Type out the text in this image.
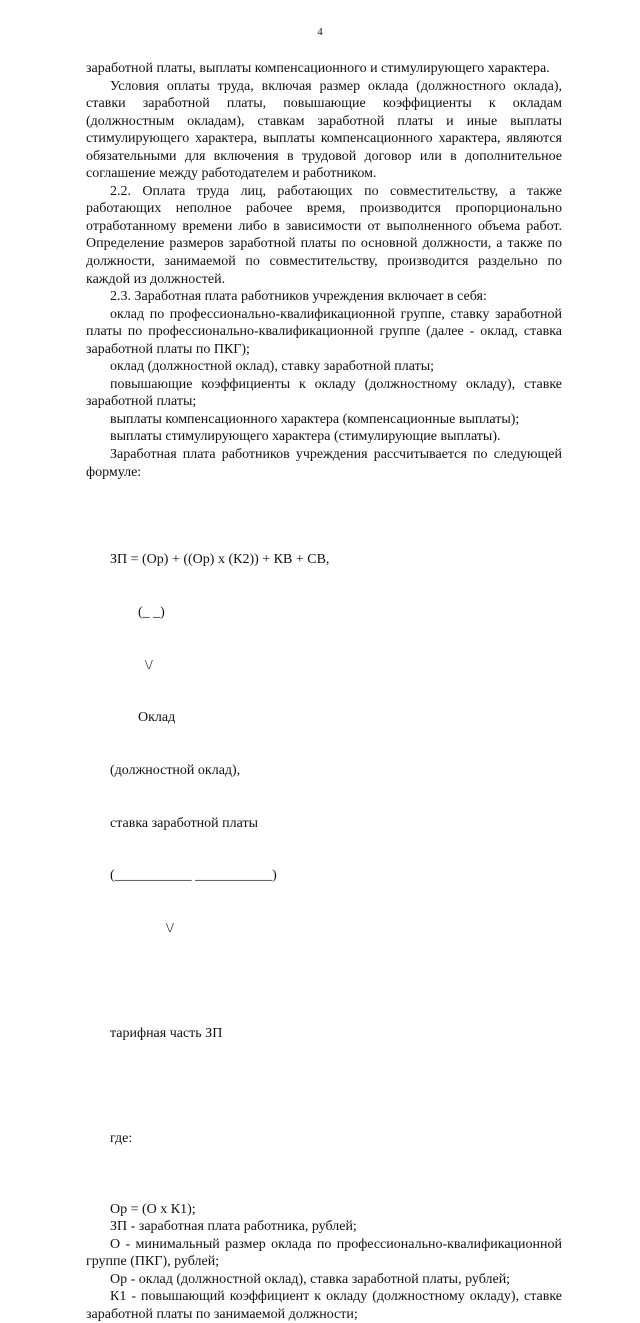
4

заработной платы, выплаты компенсационного и стимулирующего характера.

Условия оплаты труда, включая размер оклада (должностного оклада), ставки заработной платы, повышающие коэффициенты к окладам (должностным окладам), ставкам заработной платы и иные выплаты стимулирующего характера, выплаты компенсационного характера, являются обязательными для включения в трудовой договор или в дополнительное соглашение между работодателем и работником.

2.2. Оплата труда лиц, работающих по совместительству, а также работающих неполное рабочее время, производится пропорционально отработанному времени либо в зависимости от выполненного объема работ. Определение размеров заработной платы по основной должности, а также по должности, занимаемой по совместительству, производится раздельно по каждой из должностей.

2.3. Заработная плата работников учреждения включает в себя:

оклад по профессионально-квалификационной группе, ставку заработной платы по профессионально-квалификационной группе (далее - оклад, ставка заработной платы по ПКГ);

оклад (должностной оклад), ставку заработной платы;

повышающие коэффициенты к окладу (должностному окладу), ставке заработной платы;

выплаты компенсационного характера (компенсационные выплаты);

выплаты стимулирующего характера (стимулирующие выплаты).

Заработная плата работников учреждения рассчитывается по следующей формуле:

ЗП = (Ор) + ((Ор) x (К2)) + КВ + СВ,

(_ _)

\/

Оклад

(должностной оклад),

ставка заработной платы

(___________ ___________)

\/

тарифная часть ЗП

где:

Ор = (О x К1);

ЗП - заработная плата работника, рублей;

О - минимальный размер оклада по профессионально-квалификационной группе (ПКГ), рублей;

Ор - оклад (должностной оклад), ставка заработной платы, рублей;

К1 - повышающий коэффициент к окладу (должностному окладу), ставке заработной платы по занимаемой должности;
